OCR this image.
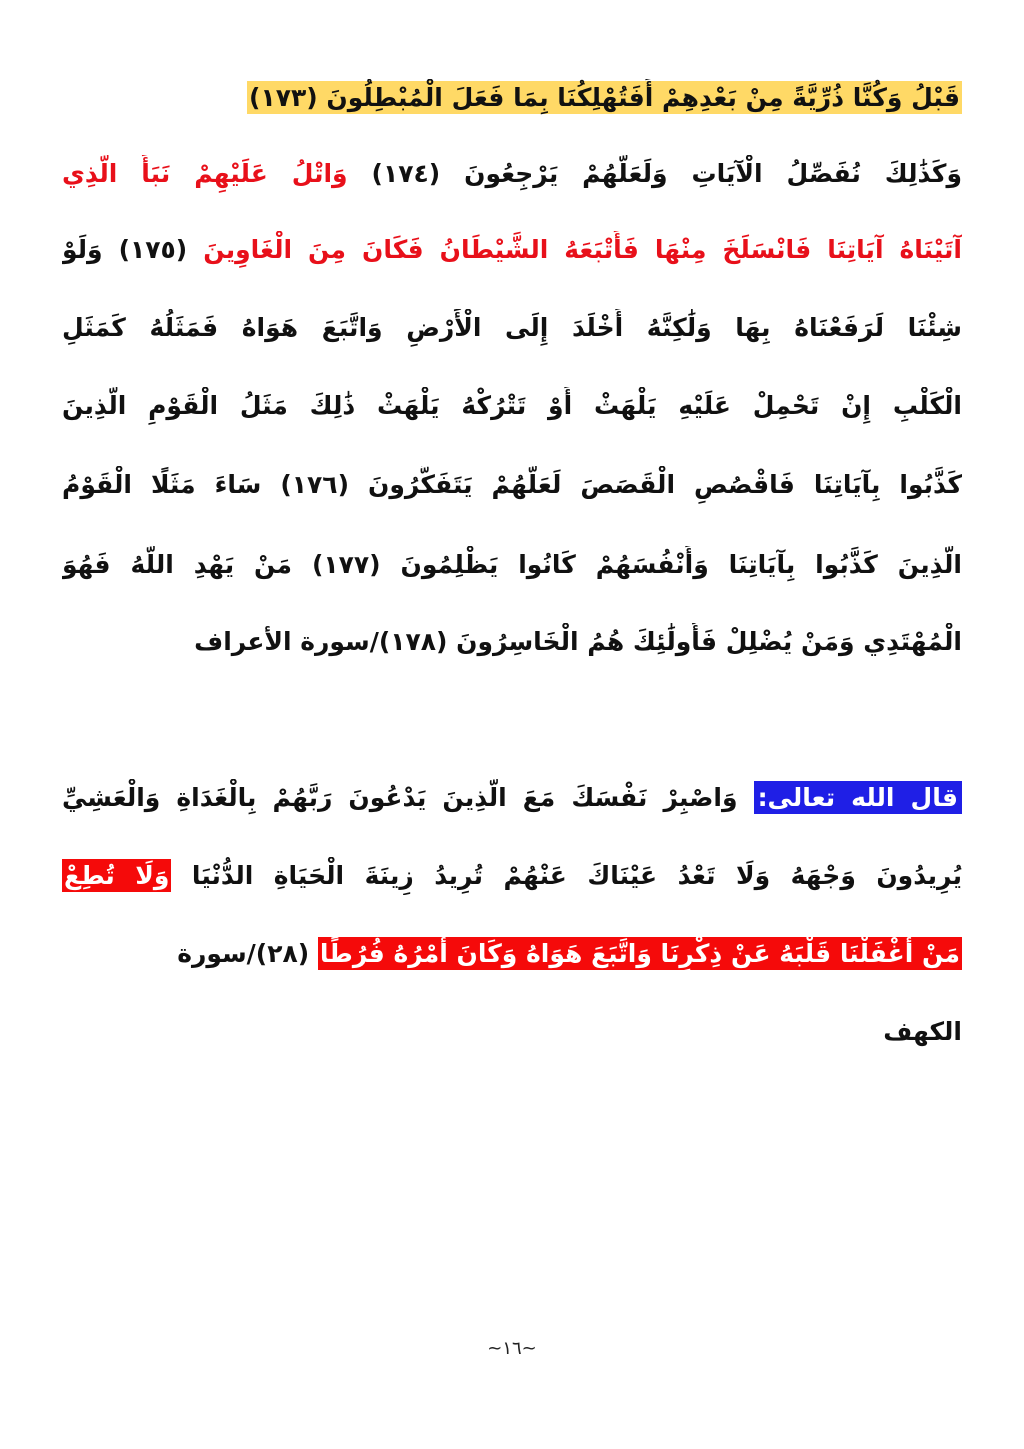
قَبْلُ وَكُنَّا ذُرِّيَّةً مِنْ بَعْدِهِمْ أَفَتُهْلِكُنَا بِمَا فَعَلَ الْمُبْطِلُونَ (١٧٣)
وَكَذَٰلِكَ نُفَصِّلُ الْآيَاتِ وَلَعَلَّهُمْ يَرْجِعُونَ (١٧٤) وَاتْلُ عَلَيْهِمْ نَبَأَ الَّذِي
آتَيْنَاهُ آيَاتِنَا فَانْسَلَخَ مِنْهَا فَأَتْبَعَهُ الشَّيْطَانُ فَكَانَ مِنَ الْغَاوِينَ (١٧٥) وَلَوْ
شِئْنَا لَرَفَعْنَاهُ بِهَا وَلَٰكِنَّهُ أَخْلَدَ إِلَى الْأَرْضِ وَاتَّبَعَ هَوَاهُ فَمَثَلُهُ كَمَثَلِ
الْكَلْبِ إِنْ تَحْمِلْ عَلَيْهِ يَلْهَثْ أَوْ تَتْرُكْهُ يَلْهَثْ ذَٰلِكَ مَثَلُ الْقَوْمِ الَّذِينَ
كَذَّبُوا بِآيَاتِنَا فَاقْصُصِ الْقَصَصَ لَعَلَّهُمْ يَتَفَكَّرُونَ (١٧٦) سَاءَ مَثَلًا الْقَوْمُ
الَّذِينَ كَذَّبُوا بِآيَاتِنَا وَأَنْفُسَهُمْ كَانُوا يَظْلِمُونَ (١٧٧) مَنْ يَهْدِ اللَّهُ فَهُوَ
الْمُهْتَدِي وَمَنْ يُضْلِلْ فَأُولَٰئِكَ هُمُ الْخَاسِرُونَ (١٧٨)/سورة الأعراف
قال الله تعالى: وَاصْبِرْ نَفْسَكَ مَعَ الَّذِينَ يَدْعُونَ رَبَّهُمْ بِالْغَدَاةِ وَالْعَشِيِّ
يُرِيدُونَ وَجْهَهُ وَلَا تَعْدُ عَيْنَاكَ عَنْهُمْ تُرِيدُ زِينَةَ الْحَيَاةِ الدُّنْيَا وَلَا تُطِعْ
مَنْ أَغْفَلْنَا قَلْبَهُ عَنْ ذِكْرِنَا وَاتَّبَعَ هَوَاهُ وَكَانَ أَمْرُهُ فُرُطًا (٢٨)/سورة
الكهف
~١٦~
